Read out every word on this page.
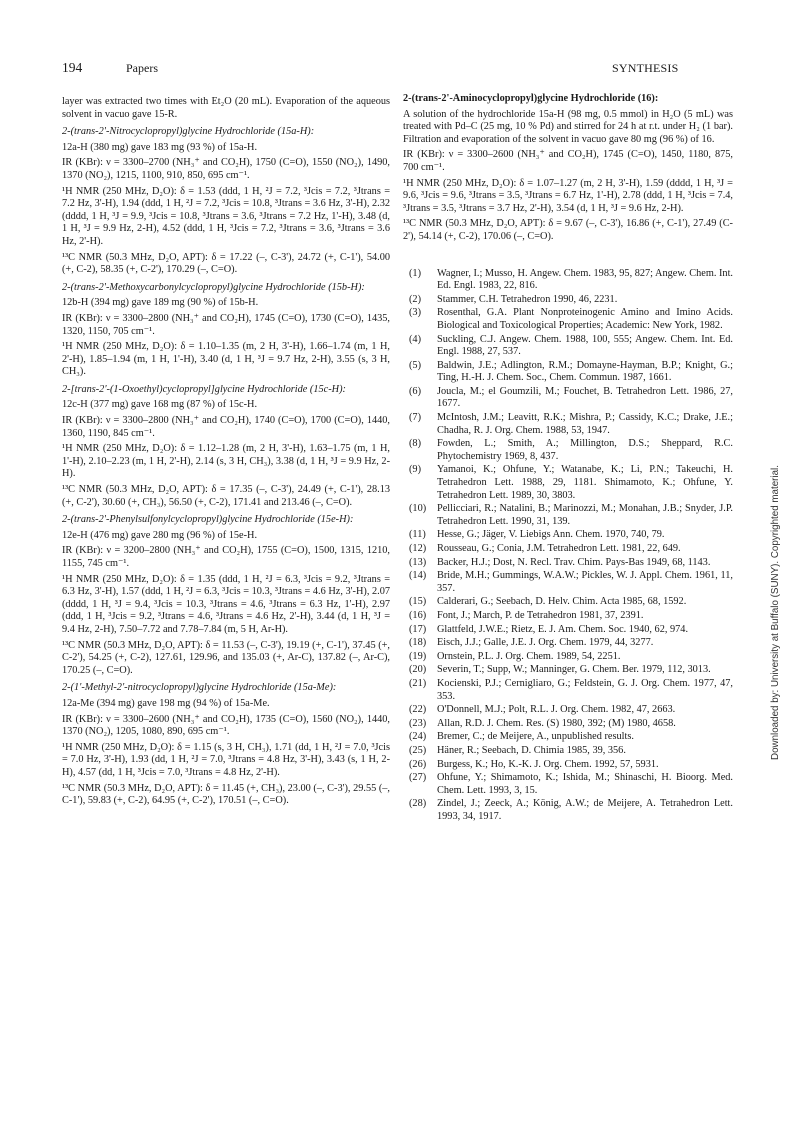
194	Papers	SYNTHESIS

layer was extracted two times with Et₂O (20 mL). Evaporation of the aqueous solvent in vacuo gave 15-R.

2-(trans-2'-Nitrocyclopropyl)glycine Hydrochloride (15a-H):

12a-H (380 mg) gave 183 mg (93 %) of 15a-H.

IR (KBr): ν = 3300–2700 (NH₃⁺ and CO₂H), 1750 (C=O), 1550 (NO₂), 1490, 1370 (NO₂), 1215, 1100, 910, 850, 695 cm⁻¹.

¹H NMR (250 MHz, D₂O): δ = 1.53 (ddd, 1 H, ²J = 7.2, ³Jcis = 7.2, ³Jtrans = 7.2 Hz, 3'-H), 1.94 (ddd, 1 H, ²J = 7.2, ³Jcis = 10.8, ³Jtrans = 3.6 Hz, 3'-H), 2.32 (dddd, 1 H, ³J = 9.9, ³Jcis = 10.8, ³Jtrans = 3.6, ³Jtrans = 7.2 Hz, 1'-H), 3.48 (d, 1 H, ³J = 9.9 Hz, 2-H), 4.52 (ddd, 1 H, ³Jcis = 7.2, ³Jtrans = 3.6, ³Jtrans = 3.6 Hz, 2'-H).

¹³C NMR (50.3 MHz, D₂O, APT): δ = 17.22 (–, C-3'), 24.72 (+, C-1'), 54.00 (+, C-2), 58.35 (+, C-2'), 170.29 (–, C=O).

2-(trans-2'-Methoxycarbonylcyclopropyl)glycine Hydrochloride (15b-H):

12b-H (394 mg) gave 189 mg (90 %) of 15b-H.

IR (KBr): ν = 3300–2800 (NH₃⁺ and CO₂H), 1745 (C=O), 1730 (C=O), 1435, 1320, 1150, 705 cm⁻¹.

¹H NMR (250 MHz, D₂O): δ = 1.10–1.35 (m, 2 H, 3'-H), 1.66–1.74 (m, 1 H, 2'-H), 1.85–1.94 (m, 1 H, 1'-H), 3.40 (d, 1 H, ³J = 9.7 Hz, 2-H), 3.55 (s, 3 H, CH₃).

2-[trans-2'-(1-Oxoethyl)cyclopropyl]glycine Hydrochloride (15c-H):

12c-H (377 mg) gave 168 mg (87 %) of 15c-H.

IR (KBr): ν = 3300–2800 (NH₃⁺ and CO₂H), 1740 (C=O), 1700 (C=O), 1440, 1360, 1190, 845 cm⁻¹.

¹H NMR (250 MHz, D₂O): δ = 1.12–1.28 (m, 2 H, 3'-H), 1.63–1.75 (m, 1 H, 1'-H), 2.10–2.23 (m, 1 H, 2'-H), 2.14 (s, 3 H, CH₃), 3.38 (d, 1 H, ³J = 9.9 Hz, 2-H).

¹³C NMR (50.3 MHz, D₂O, APT): δ = 17.35 (–, C-3'), 24.49 (+, C-1'), 28.13 (+, C-2'), 30.60 (+, CH₃), 56.50 (+, C-2), 171.41 and 213.46 (–, C=O).

2-(trans-2'-Phenylsulfonylcyclopropyl)glycine Hydrochloride (15e-H):

12e-H (476 mg) gave 280 mg (96 %) of 15e-H.

IR (KBr): ν = 3200–2800 (NH₃⁺ and CO₂H), 1755 (C=O), 1500, 1315, 1210, 1155, 745 cm⁻¹.

¹H NMR (250 MHz, D₂O): δ = 1.35 (ddd, 1 H, ²J = 6.3, ³Jcis = 9.2, ³Jtrans = 6.3 Hz, 3'-H), 1.57 (ddd, 1 H, ²J = 6.3, ³Jcis = 10.3, ³Jtrans = 4.6 Hz, 3'-H), 2.07 (dddd, 1 H, ³J = 9.4, ³Jcis = 10.3, ³Jtrans = 4.6, ³Jtrans = 6.3 Hz, 1'-H), 2.97 (ddd, 1 H, ³Jcis = 9.2, ³Jtrans = 4.6, ³Jtrans = 4.6 Hz, 2'-H), 3.44 (d, 1 H, ³J = 9.4 Hz, 2-H), 7.50–7.72 and 7.78–7.84 (m, 5 H, Ar-H).

¹³C NMR (50.3 MHz, D₂O, APT): δ = 11.53 (–, C-3'), 19.19 (+, C-1'), 37.45 (+, C-2'), 54.25 (+, C-2), 127.61, 129.96, and 135.03 (+, Ar-C), 137.82 (–, Ar-C), 170.25 (–, C=O).

2-(1'-Methyl-2'-nitrocyclopropyl)glycine Hydrochloride (15a-Me):

12a-Me (394 mg) gave 198 mg (94 %) of 15a-Me.

IR (KBr): ν = 3300–2600 (NH₃⁺ and CO₂H), 1735 (C=O), 1560 (NO₂), 1440, 1370 (NO₂), 1205, 1080, 890, 695 cm⁻¹.

¹H NMR (250 MHz, D₂O): δ = 1.15 (s, 3 H, CH₃), 1.71 (dd, 1 H, ²J = 7.0, ³Jcis = 7.0 Hz, 3'-H), 1.93 (dd, 1 H, ²J = 7.0, ³Jtrans = 4.8 Hz, 3'-H), 3.43 (s, 1 H, 2-H), 4.57 (dd, 1 H, ³Jcis = 7.0, ³Jtrans = 4.8 Hz, 2'-H).

¹³C NMR (50.3 MHz, D₂O, APT): δ = 11.45 (+, CH₃), 23.00 (–, C-3'), 29.55 (–, C-1'), 59.83 (+, C-2), 64.95 (+, C-2'), 170.51 (–, C=O).

2-(trans-2'-Aminocyclopropyl)glycine Hydrochloride (16):

A solution of the hydrochloride 15a-H (98 mg, 0.5 mmol) in H₂O (5 mL) was treated with Pd–C (25 mg, 10 % Pd) and stirred for 24 h at r.t. under H₂ (1 bar). Filtration and evaporation of the solvent in vacuo gave 80 mg (96 %) of 16.

IR (KBr): ν = 3300–2600 (NH₃⁺ and CO₂H), 1745 (C=O), 1450, 1180, 875, 700 cm⁻¹.

¹H NMR (250 MHz, D₂O): δ = 1.07–1.27 (m, 2 H, 3'-H), 1.59 (dddd, 1 H, ³J = 9.6, ³Jcis = 9.6, ³Jtrans = 3.5, ³Jtrans = 6.7 Hz, 1'-H), 2.78 (ddd, 1 H, ³Jcis = 7.4, ³Jtrans = 3.5, ³Jtrans = 3.7 Hz, 2'-H), 3.54 (d, 1 H, ³J = 9.6 Hz, 2-H).

¹³C NMR (50.3 MHz, D₂O, APT): δ = 9.67 (–, C-3'), 16.86 (+, C-1'), 27.49 (C-2'), 54.14 (+, C-2), 170.06 (–, C=O).

(1)	Wagner, I.; Musso, H. Angew. Chem. 1983, 95, 827; Angew. Chem. Int. Ed. Engl. 1983, 22, 816.
(2)	Stammer, C.H. Tetrahedron 1990, 46, 2231.
(3)	Rosenthal, G.A. Plant Nonproteinogenic Amino and Imino Acids. Biological and Toxicological Properties; Academic: New York, 1982.
(4)	Suckling, C.J. Angew. Chem. 1988, 100, 555; Angew. Chem. Int. Ed. Engl. 1988, 27, 537.
(5)	Baldwin, J.E.; Adlington, R.M.; Domayne-Hayman, B.P.; Knight, G.; Ting, H.-H. J. Chem. Soc., Chem. Commun. 1987, 1661.
(6)	Joucla, M.; el Goumzili, M.; Fouchet, B. Tetrahedron Lett. 1986, 27, 1677.
(7)	McIntosh, J.M.; Leavitt, R.K.; Mishra, P.; Cassidy, K.C.; Drake, J.E.; Chadha, R. J. Org. Chem. 1988, 53, 1947.
(8)	Fowden, L.; Smith, A.; Millington, D.S.; Sheppard, R.C. Phytochemistry 1969, 8, 437.
(9)	Yamanoi, K.; Ohfune, Y.; Watanabe, K.; Li, P.N.; Takeuchi, H. Tetrahedron Lett. 1988, 29, 1181. Shimamoto, K.; Ohfune, Y. Tetrahedron Lett. 1989, 30, 3803.
(10)	Pellicciari, R.; Natalini, B.; Marinozzi, M.; Monahan, J.B.; Snyder, J.P. Tetrahedron Lett. 1990, 31, 139.
(11)	Hesse, G.; Jäger, V. Liebigs Ann. Chem. 1970, 740, 79.
(12)	Rousseau, G.; Conia, J.M. Tetrahedron Lett. 1981, 22, 649.
(13)	Backer, H.J.; Dost, N. Recl. Trav. Chim. Pays-Bas 1949, 68, 1143.
(14)	Bride, M.H.; Gummings, W.A.W.; Pickles, W. J. Appl. Chem. 1961, 11, 357.
(15)	Calderari, G.; Seebach, D. Helv. Chim. Acta 1985, 68, 1592.
(16)	Font, J.; March, P. de Tetrahedron 1981, 37, 2391.
(17)	Glattfeld, J.W.E.; Rietz, E. J. Am. Chem. Soc. 1940, 62, 974.
(18)	Eisch, J.J.; Galle, J.E. J. Org. Chem. 1979, 44, 3277.
(19)	Ornstein, P.L. J. Org. Chem. 1989, 54, 2251.
(20)	Severin, T.; Supp, W.; Manninger, G. Chem. Ber. 1979, 112, 3013.
(21)	Kocienski, P.J.; Cernigliaro, G.; Feldstein, G. J. Org. Chem. 1977, 47, 353.
(22)	O'Donnell, M.J.; Polt, R.L. J. Org. Chem. 1982, 47, 2663.
(23)	Allan, R.D. J. Chem. Res. (S) 1980, 392; (M) 1980, 4658.
(24)	Bremer, C.; de Meijere, A., unpublished results.
(25)	Häner, R.; Seebach, D. Chimia 1985, 39, 356.
(26)	Burgess, K.; Ho, K.-K. J. Org. Chem. 1992, 57, 5931.
(27)	Ohfune, Y.; Shimamoto, K.; Ishida, M.; Shinaschi, H. Bioorg. Med. Chem. Lett. 1993, 3, 15.
(28)	Zindel, J.; Zeeck, A.; König, A.W.; de Meijere, A. Tetrahedron Lett. 1993, 34, 1917.
Downloaded by: University at Buffalo (SUNY). Copyrighted material.
